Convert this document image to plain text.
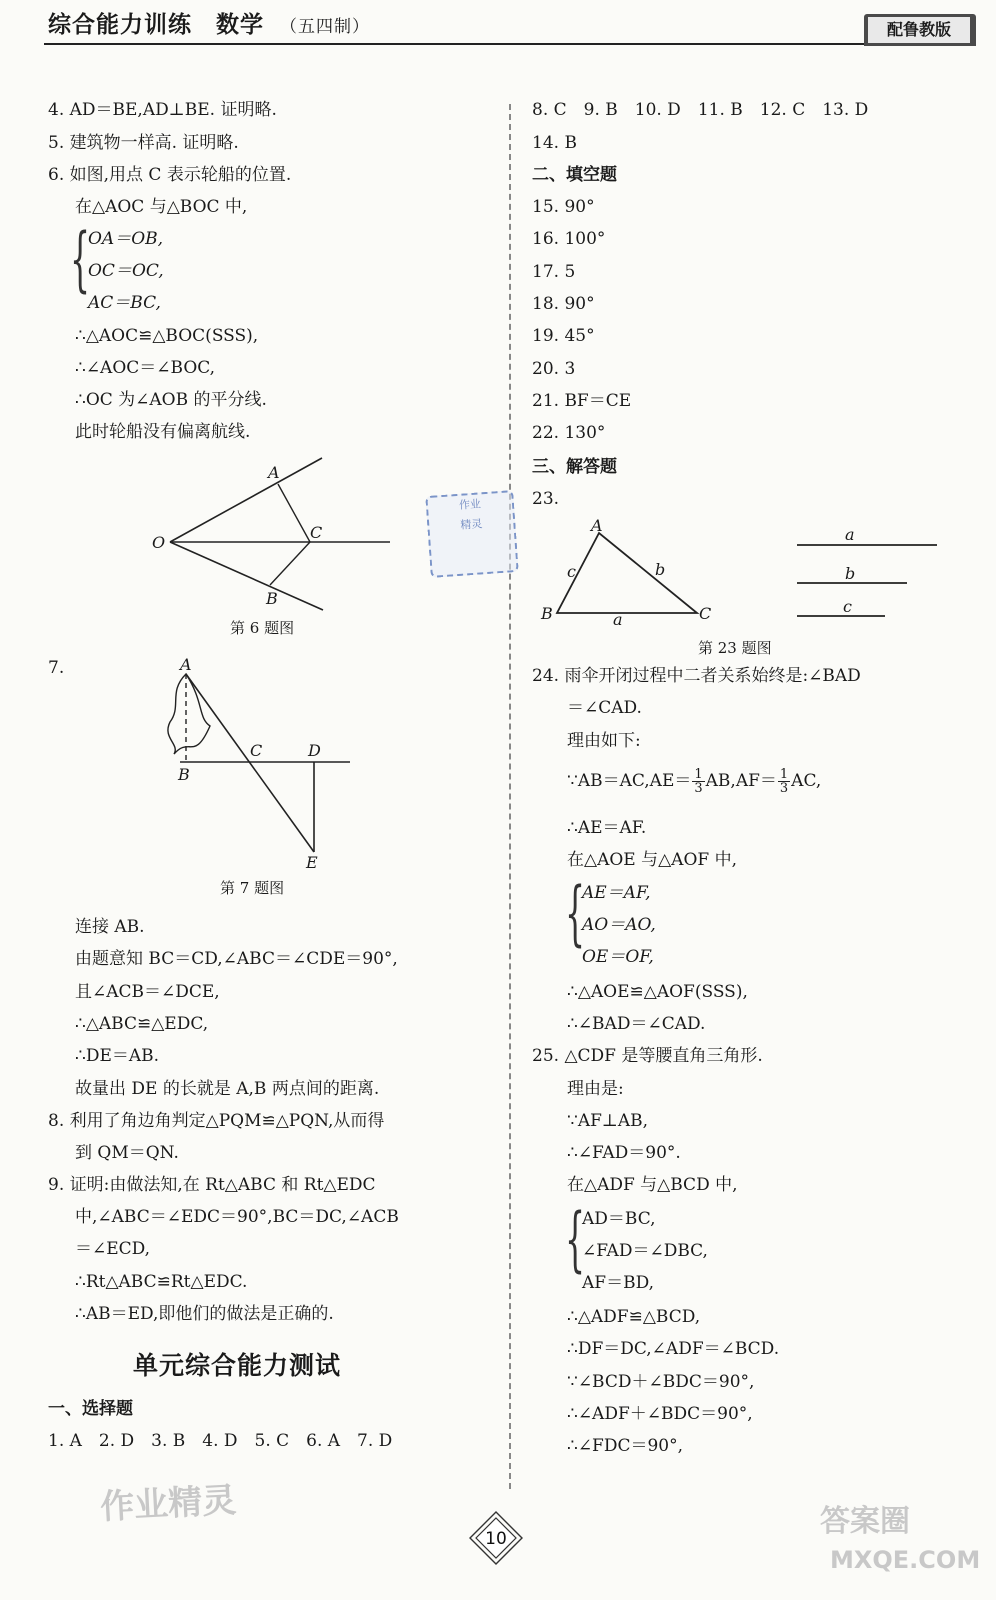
综合能力训练　数学 （五四制）	配鲁教版
4. AD＝BE,AD⊥BE. 证明略.
5. 建筑物一样高. 证明略.
6. 如图,用点 C 表示轮船的位置.
在△AOC 与△BOC 中,
{
OA＝OB,
OC＝OC,
AC＝BC,
∴△AOC≌△BOC(SSS),
∴∠AOC＝∠BOC,
∴OC 为∠AOB 的平分线.
此时轮船没有偏离航线.
A
O
C
B
第 6 题图
作业
精灵
7.	A
B
C	D
E
第 7 题图
连接 AB.
由题意知 BC＝CD,∠ABC＝∠CDE＝90°,
且∠ACB＝∠DCE,
∴△ABC≌△EDC,
∴DE＝AB.
故量出 DE 的长就是 A,B 两点间的距离.
8. 利用了角边角判定△PQM≌△PQN,从而得
到 QM＝QN.
9. 证明:由做法知,在 Rt△ABC 和 Rt△EDC
中,∠ABC＝∠EDC＝90°,BC＝DC,∠ACB
＝∠ECD,
∴Rt△ABC≌Rt△EDC.
∴AB＝ED,即他们的做法是正确的.
单元综合能力测试
一、选择题
1. A　2. D　3. B　4. D　5. C　6. A　7. D
8. C　9. B　10. D　11. B　12. C　13. D
14. B
二、填空题
15. 90°
16. 100°
17. 5
18. 90°
19. 45°
20. 3
21. BF＝CE
22. 130°
三、解答题
23.
A
B	C
c	b
a
a
b
c
第 23 题图
24. 雨伞开闭过程中二者关系始终是:∠BAD
＝∠CAD.
理由如下:
∵AB＝AC,AE＝ $\frac{1}{3} AB,AF= \frac{1}{3}$ AC,
∴AE＝AF.
在△AOE 与△AOF 中,
{
AE＝AF,
AO＝AO,
OE＝OF,
∴△AOE≌△AOF(SSS),
∴∠BAD＝∠CAD.
25. △CDF 是等腰直角三角形.
理由是:
∵AF⊥AB,
∴∠FAD＝90°.
在△ADF 与△BCD 中,
{
AD＝BC,
∠FAD＝∠DBC,
AF＝BD,
∴△ADF≌△BCD,
∴DF＝DC,∠ADF＝∠BCD.
∵∠BCD＋∠BDC＝90°,
∴∠ADF＋∠BDC＝90°,
∴∠FDC＝90°,
作业精灵
10	答案圈
MXQE.COM
